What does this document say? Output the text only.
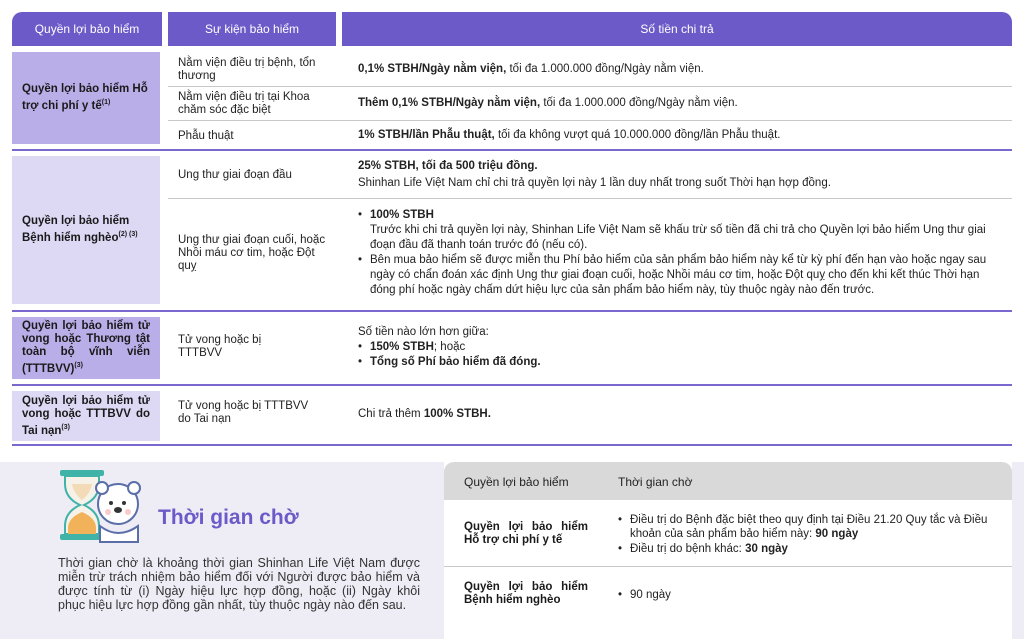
Quyền lợi bảo hiểm	Sự kiện bảo hiểm	Số tiền chi trả
Quyền lợi bảo hiểm Hỗ trợ chi phí y tế$^{(1)}$
Nằm viện điều trị bệnh, tổn thương
0,1% STBH/Ngày nằm viện, tối đa 1.000.000 đồng/Ngày nằm viện.
Nằm viện điều trị tại Khoa chăm sóc đặc biệt
Thêm 0,1% STBH/Ngày nằm viện, tối đa 1.000.000 đồng/Ngày nằm viện.
Phẫu thuật	1% STBH/lần Phẫu thuật, tối đa không vượt quá 10.000.000 đồng/lần Phẫu thuật.
Quyền lợi bảo hiểm Bệnh hiểm nghèo$^{(2) (3)}$
Ung thư giai đoạn đầu
25% STBH, tối đa 500 triệu đồng.
Shinhan Life Việt Nam chỉ chi trả quyền lợi này 1 lần duy nhất trong suốt Thời hạn hợp đồng.
Ung thư giai đoạn cuối, hoặc Nhồi máu cơ tim, hoặc Đột quỵ
• 100% STBH
Trước khi chi trả quyền lợi này, Shinhan Life Việt Nam sẽ khấu trừ số tiền đã chi trả cho Quyền lợi bảo hiểm Ung thư giai đoạn đầu đã thanh toán trước đó (nếu có).
• Bên mua bảo hiểm sẽ được miễn thu Phí bảo hiểm của sản phẩm bảo hiểm này kể từ kỳ phí đến hạn vào hoặc ngay sau ngày có chẩn đoán xác định Ung thư giai đoạn cuối, hoặc Nhồi máu cơ tim, hoặc Đột quỵ cho đến khi kết thúc Thời hạn đóng phí hoặc ngày chấm dứt hiệu lực của sản phẩm bảo hiểm này, tùy thuộc ngày nào đến trước.
Quyền lợi bảo hiểm tử vong hoặc Thương tật toàn bộ vĩnh viễn (TTTBVV)$^{(3)}$
Tử vong hoặc bị TTTBVV
Số tiền nào lớn hơn giữa:
• 150% STBH; hoặc
• Tổng số Phí bảo hiểm đã đóng.
Quyền lợi bảo hiểm tử vong hoặc TTTBVV do Tai nạn$^{(3)}$
Tử vong hoặc bị TTTBVV do Tai nạn	Chi trả thêm 100% STBH.
Thời gian chờ
Thời gian chờ là khoảng thời gian Shinhan Life Việt Nam được miễn trừ trách nhiệm bảo hiểm đối với Người được bảo hiểm và được tính từ (i) Ngày hiệu lực hợp đồng, hoặc (ii) Ngày khôi phục hiệu lực hợp đồng gần nhất, tùy thuộc ngày nào đến sau.
Quyền lợi bảo hiểm	Thời gian chờ
Quyền lợi bảo hiểm Hỗ trợ chi phí y tế
• Điều trị do Bệnh đặc biệt theo quy định tại Điều 21.20 Quy tắc và Điều khoản của sản phẩm bảo hiểm này: 90 ngày
• Điều trị do bệnh khác: 30 ngày
Quyền lợi bảo hiểm Bệnh hiểm nghèo
•	90 ngày
